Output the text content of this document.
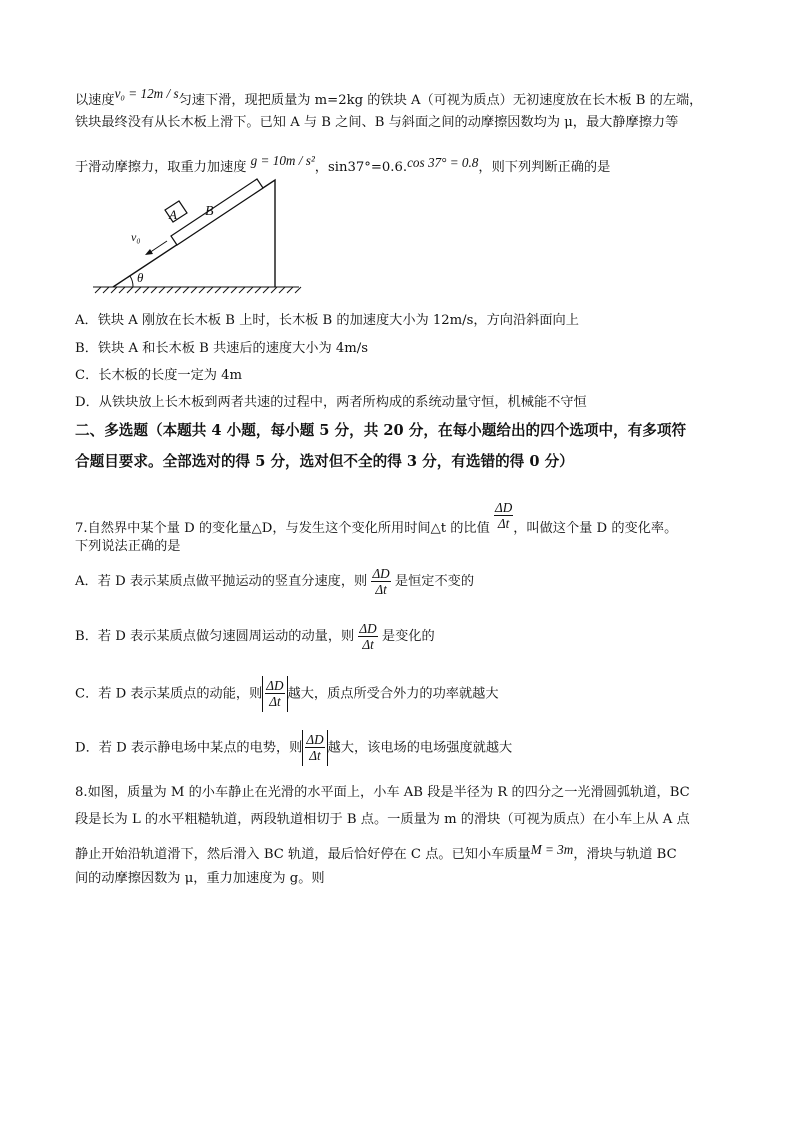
以速度v₀ = 12m / s匀速下滑，现把质量为 m=2kg 的铁块 A（可视为质点）无初速度放在长木板 B 的左端，
铁块最终没有从长木板上滑下。已知 A 与 B 之间、B 与斜面之间的动摩擦因数均为 μ，最大静摩擦力等
于滑动摩擦力，取重力加速度 g = 10m / s²，sin37°=0.6.cos 37° = 0.8，则下列判断正确的是
A B
v₀
θ
A．铁块 A 刚放在长木板 B 上时，长木板 B 的加速度大小为 12m/s，方向沿斜面向上
B．铁块 A 和长木板 B 共速后的速度大小为 4m/s
C．长木板的长度一定为 4m
D．从铁块放上长木板到两者共速的过程中，两者所构成的系统动量守恒，机械能不守恒
二、多选题（本题共 4 小题，每小题 5 分，共 20 分，在每小题给出的四个选项中，有多项符
合题目要求。全部选对的得 5 分，选对但不全的得 3 分，有选错的得 0 分）
7.自然界中某个量 D 的变化量△D，与发生这个变化所用时间△t 的比值 $\frac{\Delta D}{\Delta t}$ ，叫做这个量 D 的变化率。
下列说法正确的是
A．若 D 表示某质点做平抛运动的竖直分速度，则 $\frac{\Delta D}{\Delta t}$ 是恒定不变的
B．若 D 表示某质点做匀速圆周运动的动量，则 $\frac{\Delta D}{\Delta t}$ 是变化的
C．若 D 表示某质点的动能，则 $\frac{\Delta D}{\Delta t}$ 越大，质点所受合外力的功率就越大
D．若 D 表示静电场中某点的电势，则 $\frac{\Delta D}{\Delta t}$ 越大，该电场的电场强度就越大
8.如图，质量为 M 的小车静止在光滑的水平面上，小车 AB 段是半径为 R 的四分之一光滑圆弧轨道，BC
段是长为 L 的水平粗糙轨道，两段轨道相切于 B 点。一质量为 m 的滑块（可视为质点）在小车上从 A 点
静止开始沿轨道滑下，然后滑入 BC 轨道，最后恰好停在 C 点。已知小车质量M = 3m，滑块与轨道 BC
间的动摩擦因数为 μ，重力加速度为 g。则
